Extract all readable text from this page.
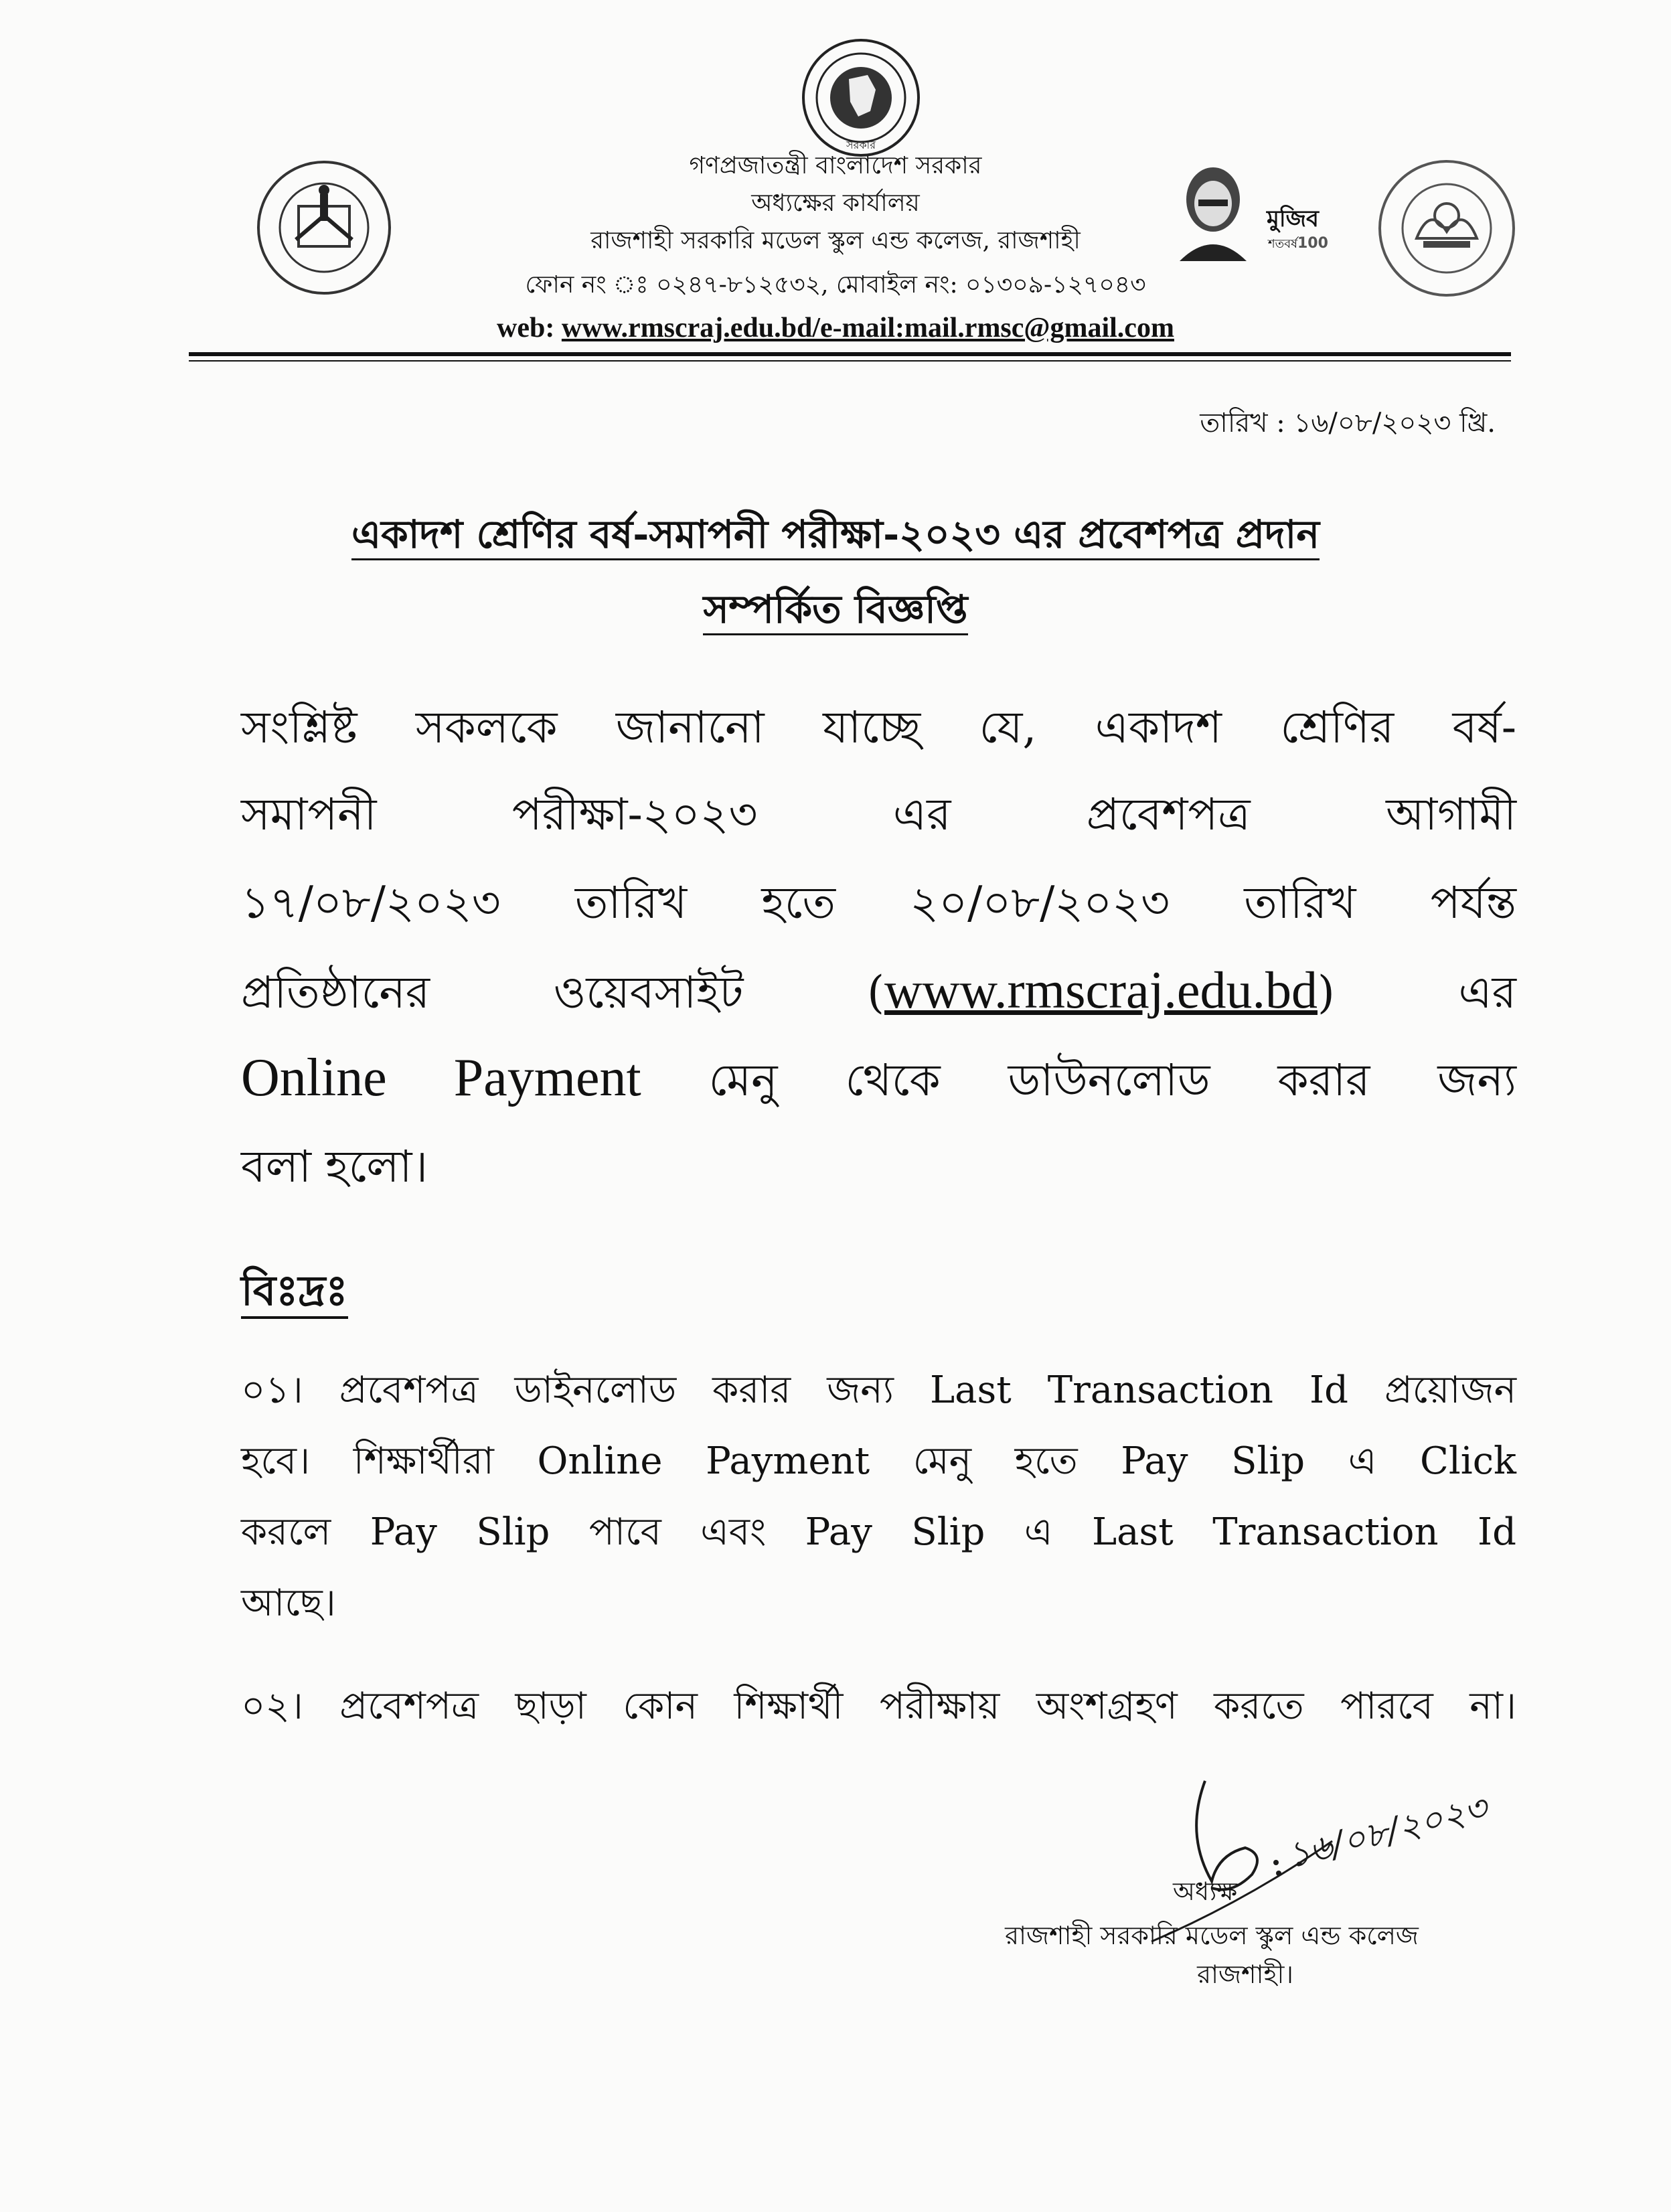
সরকার
মুজিব
শতবর্ষ 100
গণপ্রজাতন্ত্রী বাংলাদেশ সরকার
অধ্যক্ষের কার্যালয়
রাজশাহী সরকারি মডেল স্কুল এন্ড কলেজ, রাজশাহী
ফোন নং ঃ ০২৪৭-৮১২৫৩২, মোবাইল নং: ০১৩০৯-১২৭০৪৩
web: www.rmscraj.edu.bd/e-mail:mail.rmsc@gmail.com
তারিখ : ১৬/০৮/২০২৩ খ্রি.
একাদশ শ্রেণির বর্ষ-সমাপনী পরীক্ষা-২০২৩ এর প্রবেশপত্র প্রদান
সম্পর্কিত বিজ্ঞপ্তি
সংশ্লিষ্ট সকলকে জানানো যাচ্ছে যে, একাদশ শ্রেণির বর্ষ-
সমাপনী পরীক্ষা-২০২৩ এর প্রবেশপত্র আগামী
১৭/০৮/২০২৩ তারিখ হতে ২০/০৮/২০২৩ তারিখ পর্যন্ত
প্রতিষ্ঠানের ওয়েবসাইট (www.rmscraj.edu.bd) এর
Online Payment মেনু থেকে ডাউনলোড করার জন্য
বলা হলো।
বিঃদ্রঃ
০১। প্রবেশপত্র ডাইনলোড করার জন্য Last Transaction Id প্রয়োজন
হবে। শিক্ষার্থীরা Online Payment মেনু হতে Pay Slip এ Click
করলে Pay Slip পাবে এবং Pay Slip এ Last Transaction Id
আছে।
০২। প্রবেশপত্র ছাড়া কোন শিক্ষার্থী পরীক্ষায় অংশগ্রহণ করতে পারবে না।
১৬/০৮/২০২৩
অধ্যক্ষ
রাজশাহী সরকারি মডেল স্কুল এন্ড কলেজ
রাজশাহী।
